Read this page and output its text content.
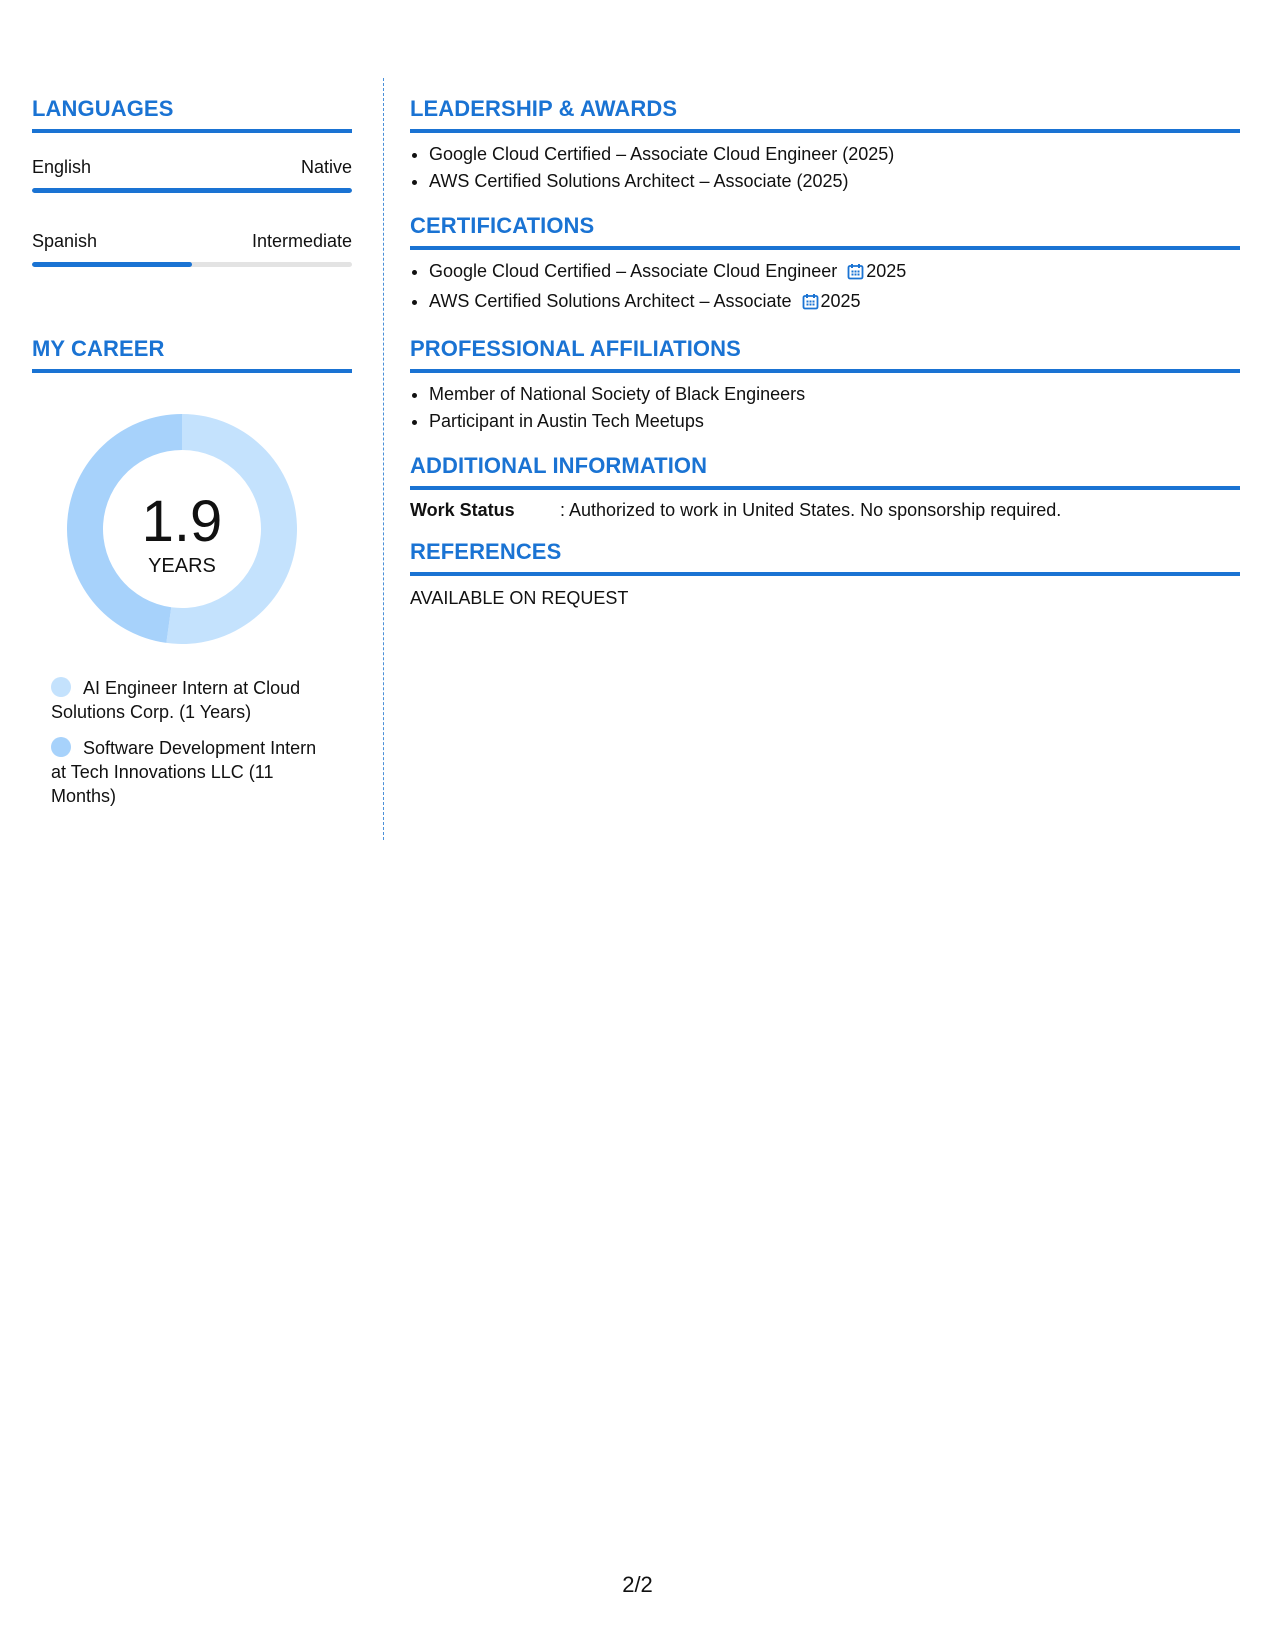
LANGUAGES
English	Native
Spanish	Intermediate
MY CAREER
1.9
YEARS
AI Engineer Intern at Cloud Solutions Corp. (1 Years)
Software Development Intern at Tech Innovations LLC (11 Months)
LEADERSHIP & AWARDS
• Google Cloud Certified – Associate Cloud Engineer (2025)
• AWS Certified Solutions Architect – Associate (2025)
CERTIFICATIONS
• Google Cloud Certified – Associate Cloud Engineer 2025
• AWS Certified Solutions Architect – Associate 2025
PROFESSIONAL AFFILIATIONS
• Member of National Society of Black Engineers
• Participant in Austin Tech Meetups
ADDITIONAL INFORMATION
Work Status	: Authorized to work in United States. No sponsorship required.
REFERENCES
AVAILABLE ON REQUEST
2/2
